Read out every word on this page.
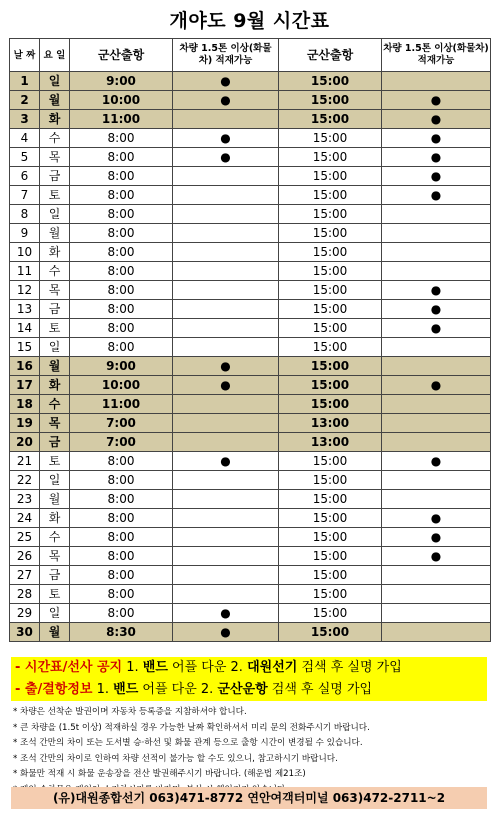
개야도 9월 시간표
날 짜	요 일	군산출항	차량 1.5톤 이상(화물차) 적재가능	군산출항	차량 1.5톤 이상(화물차) 적재가능
1	일	9:00	●	15:00	
2	월	10:00	●	15:00	●
3	화	11:00		15:00	●
4	수	8:00	●	15:00	●
5	목	8:00	●	15:00	●
6	금	8:00		15:00	●
7	토	8:00		15:00	●
8	일	8:00		15:00	
9	월	8:00		15:00	
10	화	8:00		15:00	
11	수	8:00		15:00	
12	목	8:00		15:00	●
13	금	8:00		15:00	●
14	토	8:00		15:00	●
15	일	8:00		15:00	
16	월	9:00	●	15:00	
17	화	10:00	●	15:00	●
18	수	11:00		15:00	
19	목	7:00		13:00	
20	금	7:00		13:00	
21	토	8:00	●	15:00	●
22	일	8:00		15:00	
23	월	8:00		15:00	
24	화	8:00		15:00	●
25	수	8:00		15:00	●
26	목	8:00		15:00	●
27	금	8:00		15:00	
28	토	8:00		15:00	
29	일	8:00	●	15:00	
30	월	8:30	●	15:00	
- 시간표/선사 공지 1. 밴드 어플 다운 2. 대원선기 검색 후 실명 가입
- 출/결항정보 1. 밴드 어플 다운 2. 군산운항 검색 후 실명 가입
* 차량은 선착순 발권이며 자동차 등록증을 지참하셔야 합니다.
* 큰 차량을 (1.5t 이상) 적재하실 경우 가능한 날짜 확인하셔서 미리 문의 전화주시기 바랍니다.
* 조석 간만의 차이 또는 도서별 승·하선 및 화물 관계 등으로 출항 시간이 변경될 수 있습니다.
* 조석 간만의 차이로 인하여 차량 선적이 불가능 할 수도 있으니, 참고하시기 바랍니다.
* 화물만 적재 시 화물 운송장을 전산 발권해주시기 바랍니다. (해운법 제21조)
(유)대원종합선기 063)471-8772 연안여객터미널 063)472-2711~2
